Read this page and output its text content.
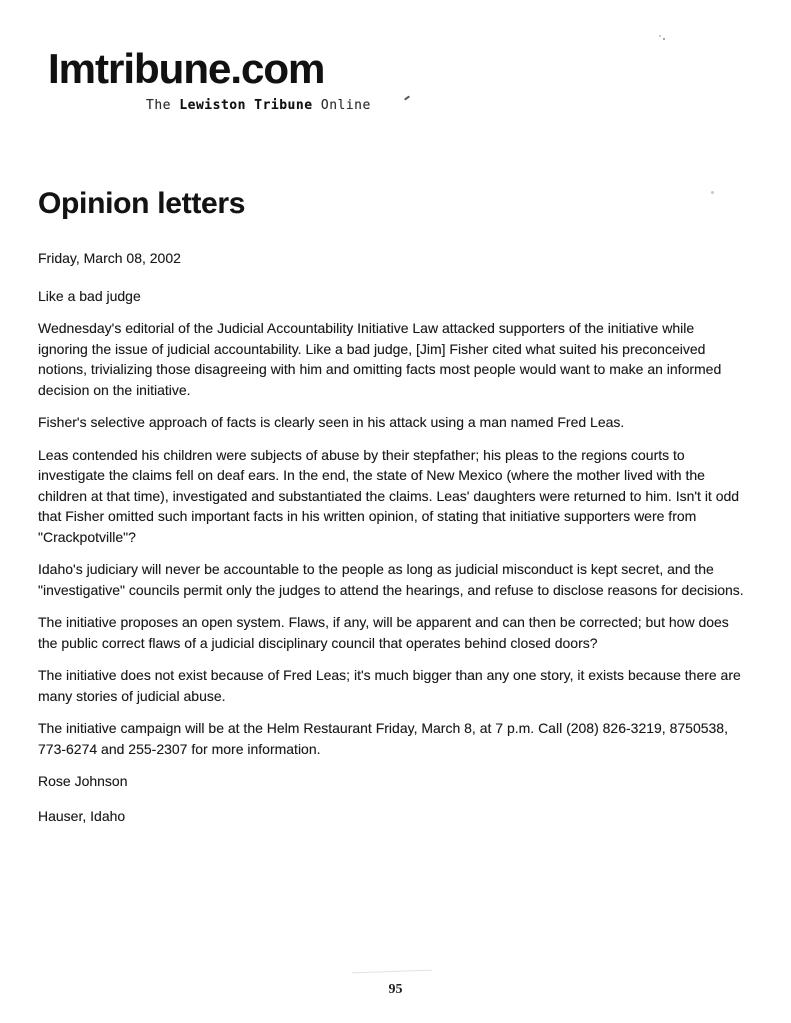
Imtribune.com
The Lewiston Tribune Online
Opinion letters

Friday, March 08, 2002

Like a bad judge

Wednesday's editorial of the Judicial Accountability Initiative Law attacked supporters of the initiative while ignoring the issue of judicial accountability. Like a bad judge, [Jim] Fisher cited what suited his preconceived notions, trivializing those disagreeing with him and omitting facts most people would want to make an informed decision on the initiative.

Fisher's selective approach of facts is clearly seen in his attack using a man named Fred Leas.

Leas contended his children were subjects of abuse by their stepfather; his pleas to the regions courts to investigate the claims fell on deaf ears. In the end, the state of New Mexico (where the mother lived with the children at that time), investigated and substantiated the claims. Leas' daughters were returned to him. Isn't it odd that Fisher omitted such important facts in his written opinion, of stating that initiative supporters were from "Crackpotville"?

Idaho's judiciary will never be accountable to the people as long as judicial misconduct is kept secret, and the "investigative" councils permit only the judges to attend the hearings, and refuse to disclose reasons for decisions.

The initiative proposes an open system. Flaws, if any, will be apparent and can then be corrected; but how does the public correct flaws of a judicial disciplinary council that operates behind closed doors?

The initiative does not exist because of Fred Leas; it's much bigger than any one story, it exists because there are many stories of judicial abuse.

The initiative campaign will be at the Helm Restaurant Friday, March 8, at 7 p.m. Call (208) 826-3219, 8750538, 773-6274 and 255-2307 for more information.

Rose Johnson

Hauser, Idaho

95
